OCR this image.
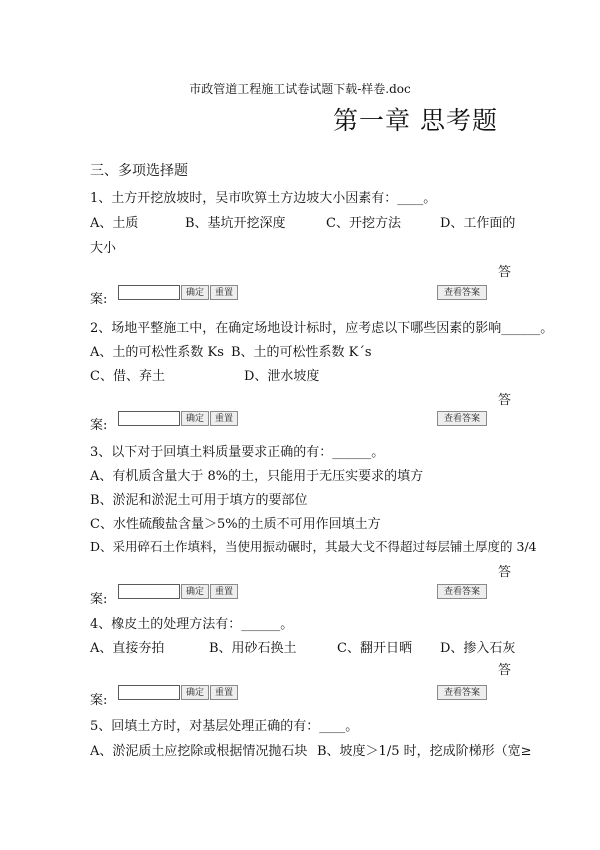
市政管道工程施工试卷试题下载-样卷.doc
第一章 思考题
三、多项选择题
1、土方开挖放坡时，吴市吹箅土方边坡大小因素有：____。
A、土质	B、基坑开挖深度	C、开挖方法	D、工作面的
大小
答
案:	确定	重置	查看答案
2、场地平整施工中，在确定场地设计标时，应考虑以下哪些因素的影响______。
A、土的可松性系数 Ks B、土的可松性系数 K´s
C、借、弃土	D、泄水坡度
答
案:	确定	重置	查看答案
3、以下对于回填土料质量要求正确的有：______。
A、有机质含量大于 8%的土，只能用于无压实要求的填方
B、淤泥和淤泥土可用于填方的要部位
C、水性硫酸盐含量＞5%的土质不可用作回填土方
D、采用碎石土作填料，当使用振动碾时，其最大戈不得超过每层铺土厚度的 3/4
答
案:	确定	重置	查看答案
4、橡皮土的处理方法有：______。
A、直接夯拍	B、用砂石换土	C、翻开日晒 D、掺入石灰
答
案:	确定	重置	查看答案
5、回填土方时，对基层处理正确的有：____。
A、淤泥质土应挖除或根据情况抛石块 B、坡度＞1/5 时，挖成阶梯形（宽≥
